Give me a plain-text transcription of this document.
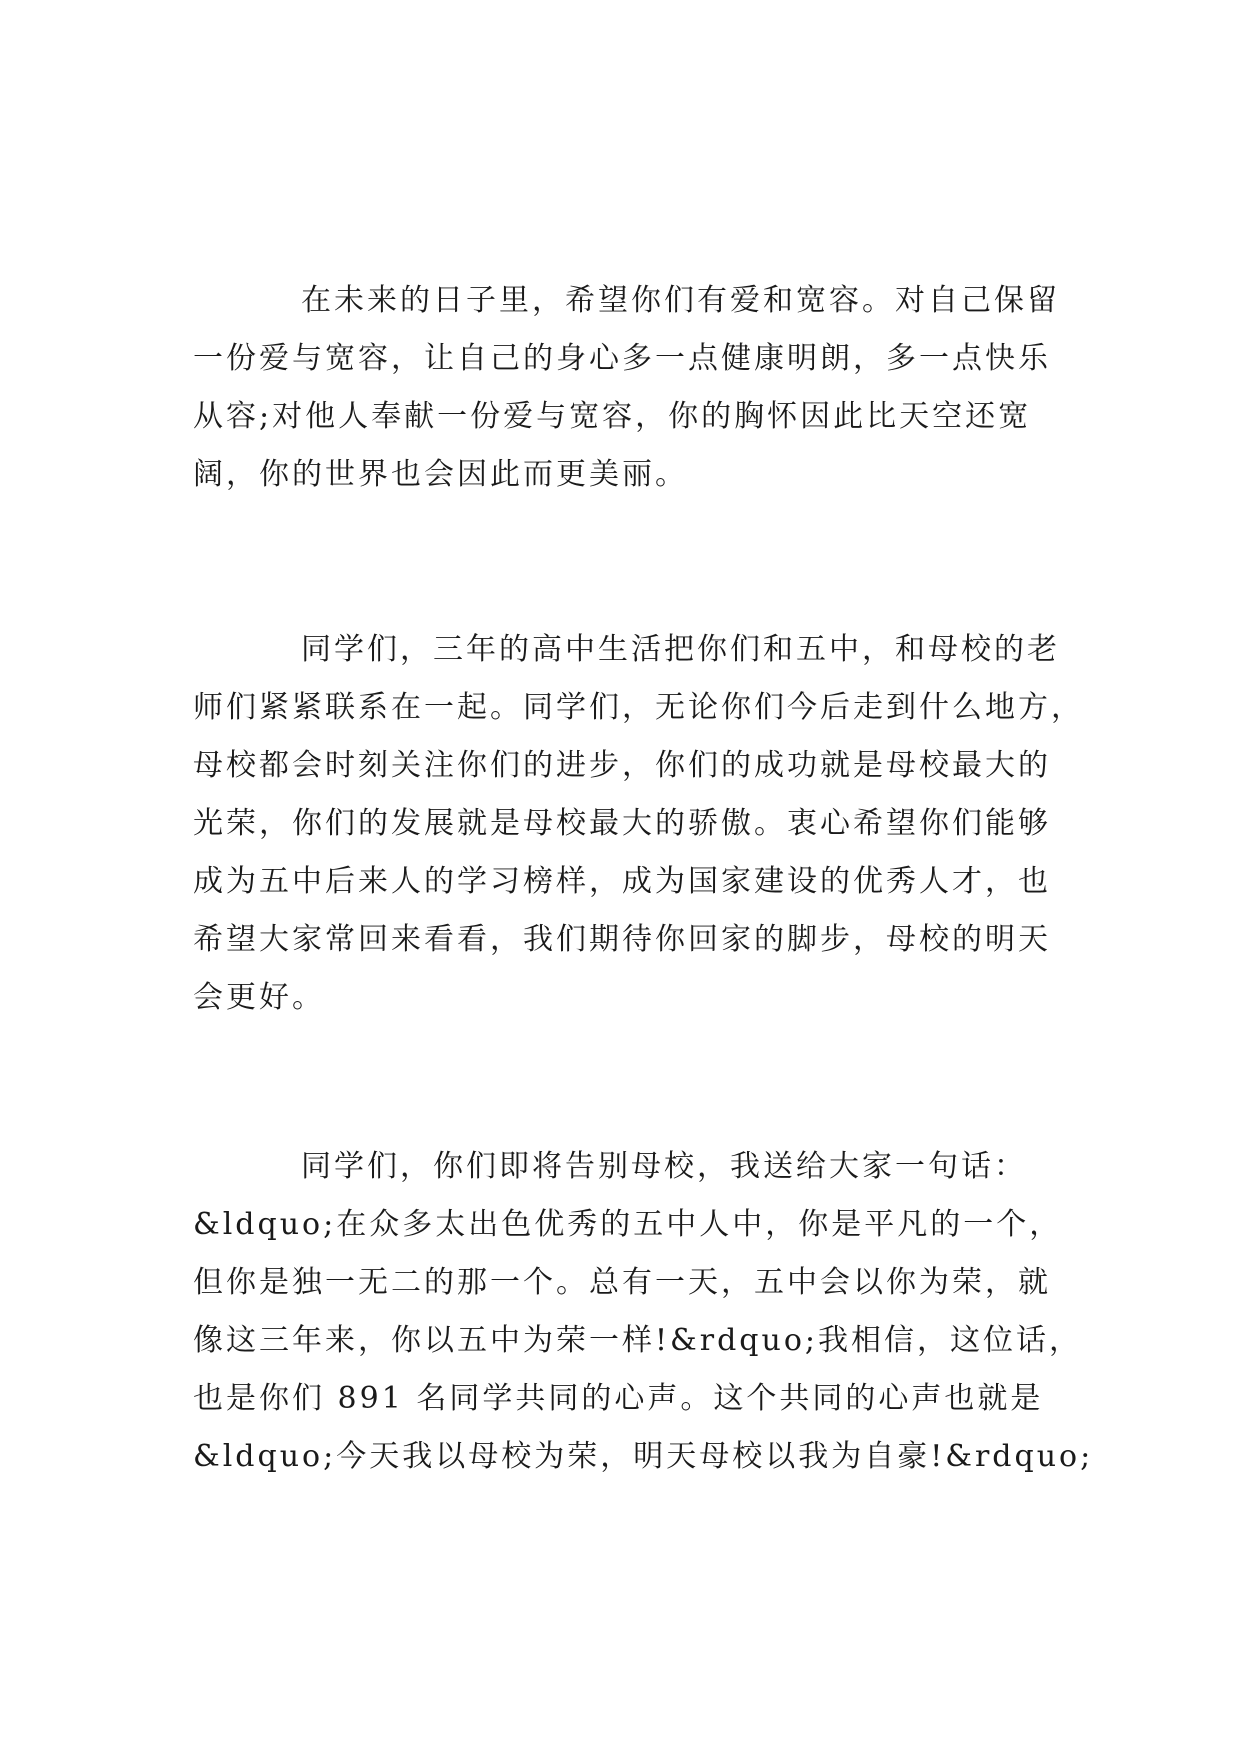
在未来的日子里，希望你们有爱和宽容。对自己保留
一份爱与宽容，让自己的身心多一点健康明朗，多一点快乐
从容;对他人奉献一份爱与宽容，你的胸怀因此比天空还宽
阔，你的世界也会因此而更美丽。
同学们，三年的高中生活把你们和五中，和母校的老
师们紧紧联系在一起。同学们，无论你们今后走到什么地方，
母校都会时刻关注你们的进步，你们的成功就是母校最大的
光荣，你们的发展就是母校最大的骄傲。衷心希望你们能够
成为五中后来人的学习榜样，成为国家建设的优秀人才，也
希望大家常回来看看，我们期待你回家的脚步，母校的明天
会更好。
同学们，你们即将告别母校，我送给大家一句话：
&ldquo;在众多太出色优秀的五中人中，你是平凡的一个，
但你是独一无二的那一个。总有一天，五中会以你为荣，就
像这三年来，你以五中为荣一样!&rdquo;我相信，这位话，
也是你们 891 名同学共同的心声。这个共同的心声也就是
&ldquo;今天我以母校为荣，明天母校以我为自豪!&rdquo;
